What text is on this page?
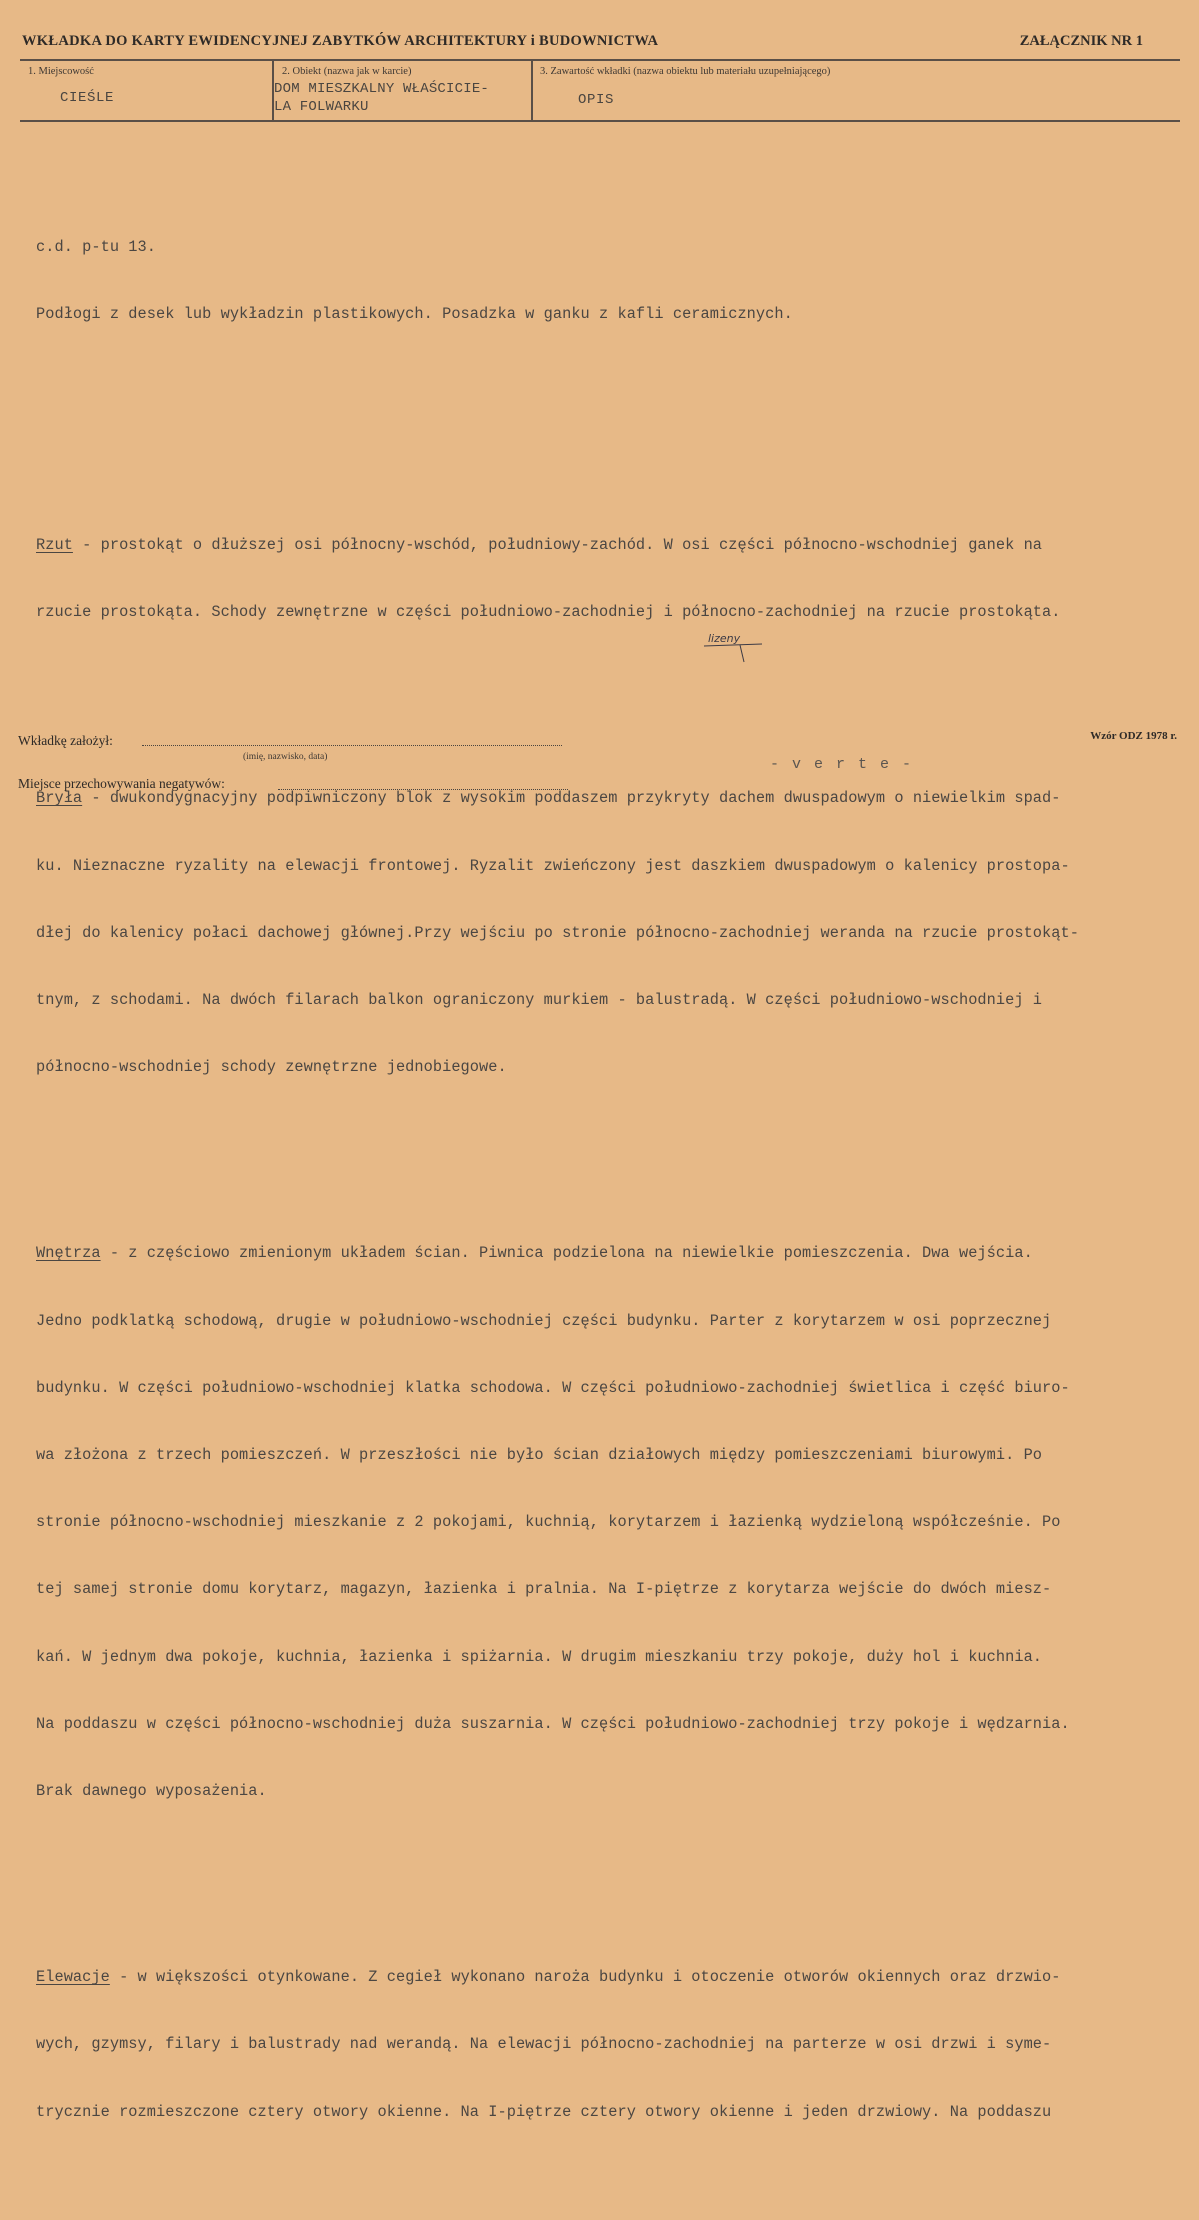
WKŁADKA DO KARTY EWIDENCYJNEJ ZABYTKÓW ARCHITEKTURY i BUDOWNICTWA	ZAŁĄCZNIK NR 1
1. Miejscowość
CIEŚLE
2. Obiekt (nazwa jak w karcie)
DOM MIESZKALNY WŁAŚCICIE-
LA FOLWARKU
3. Zawartość wkładki (nazwa obiektu lub materiału uzupełniającego)
OPIS

c.d. p-tu 13.

Podłogi z desek lub wykładzin plastikowych. Posadzka w ganku z kafli ceramicznych.

Rzut - prostokąt o dłuższej osi północny-wschód, południowy-zachód. W osi części północno-wschodniej ganek na

rzucie prostokąta. Schody zewnętrzne w części południowo-zachodniej i północno-zachodniej na rzucie prostokąta.

Bryła - dwukondygnacyjny podpiwniczony blok z wysokim poddaszem przykryty dachem dwuspadowym o niewielkim spad-

ku. Nieznaczne ryzality na elewacji frontowej. Ryzalit zwieńczony jest daszkiem dwuspadowym o kalenicy prostopa-

dłej do kalenicy połaci dachowej głównej.Przy wejściu po stronie północno-zachodniej weranda na rzucie prostokąt-

tnym, z schodami. Na dwóch filarach balkon ograniczony murkiem - balustradą. W części południowo-wschodniej i

północno-wschodniej schody zewnętrzne jednobiegowe.

Wnętrza - z częściowo zmienionym układem ścian. Piwnica podzielona na niewielkie pomieszczenia. Dwa wejścia.

Jedno podklatką schodową, drugie w południowo-wschodniej części budynku. Parter z korytarzem w osi poprzecznej

budynku. W części południowo-wschodniej klatka schodowa. W części południowo-zachodniej świetlica i część biuro-

wa złożona z trzech pomieszczeń. W przeszłości nie było ścian działowych między pomieszczeniami biurowymi. Po

stronie północno-wschodniej mieszkanie z 2 pokojami, kuchnią, korytarzem i łazienką wydzieloną współcześnie. Po

tej samej stronie domu korytarz, magazyn, łazienka i pralnia. Na I-piętrze z korytarza wejście do dwóch miesz-

kań. W jednym dwa pokoje, kuchnia, łazienka i spiżarnia. W drugim mieszkaniu trzy pokoje, duży hol i kuchnia.

Na poddaszu w części północno-wschodniej duża suszarnia. W części południowo-zachodniej trzy pokoje i wędzarnia.

Brak dawnego wyposażenia.

Elewacje - w większości otynkowane. Z cegieł wykonano naroża budynku i otoczenie otworów okiennych oraz drzwio-

wych, gzymsy, filary i balustrady nad werandą. Na elewacji północno-zachodniej na parterze w osi drzwi i syme-

trycznie rozmieszczone cztery otwory okienne. Na I-piętrze cztery otwory okienne i jeden drzwiowy. Na poddaszu

lizeny
Wkładkę założył:
(imię, nazwisko, data)
Wzór ODZ 1978 r.
Miejsce przechowywania negatywów:
- v e r t e -
